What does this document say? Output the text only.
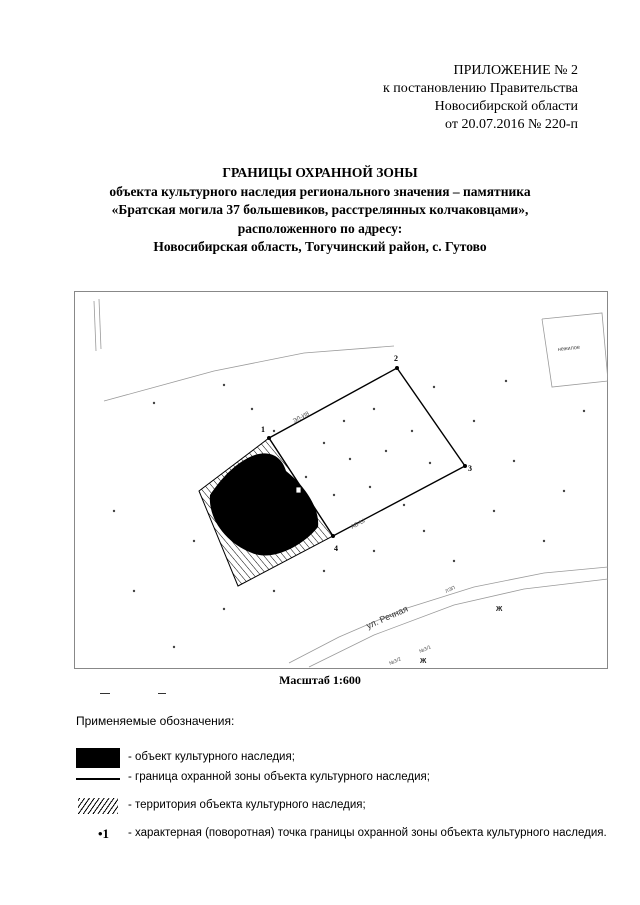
ПРИЛОЖЕНИЕ № 2
к постановлению Правительства
Новосибирской области
от 20.07.2016 № 220-п
ГРАНИЦЫ ОХРАННОЙ ЗОНЫ
объекта культурного наследия регионального значения – памятника
«Братская могила 37 большевиков, расстрелянных колчаковцами»,
расположенного по адресу:
Новосибирская область, Тогучинский район, с. Гутово
ЭЛ-И8
АБ-Ы
1
2
3
4
ул. Речная
нежилое
ЛЭП
№3/1
№3/2
Ж
Ж
Масштаб 1:600
Применяемые обозначения:
- объект культурного наследия;
- граница охранной зоны объекта культурного наследия;
- территория объекта культурного наследия;
•1 - характерная (поворотная) точка границы охранной зоны объекта культурного наследия.
